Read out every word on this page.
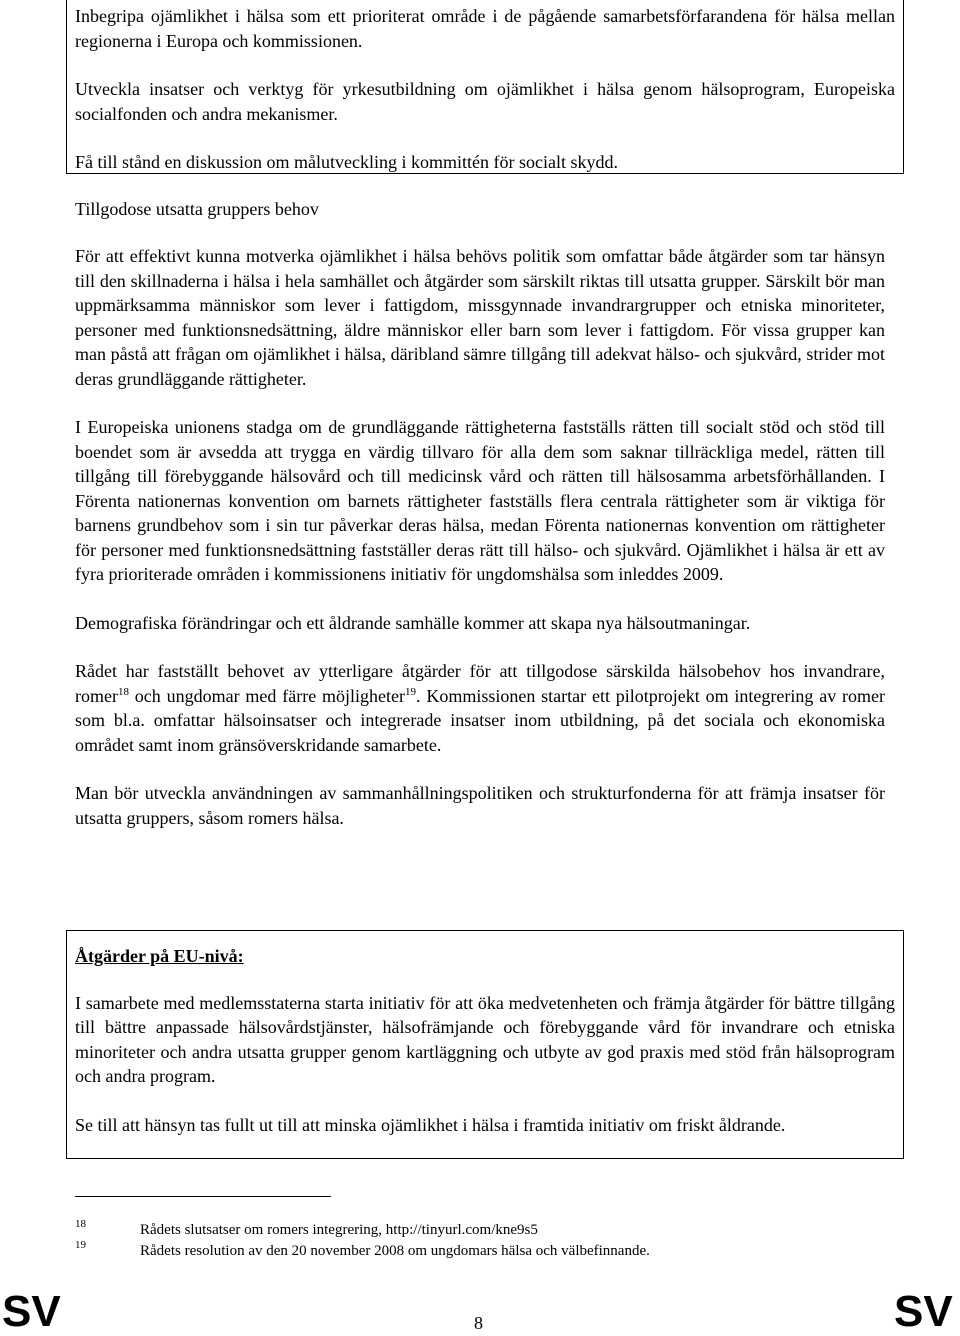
Inbegripa ojämlikhet i hälsa som ett prioriterat område i de pågående samarbetsförfarandena för hälsa mellan regionerna i Europa och kommissionen.

Utveckla insatser och verktyg för yrkesutbildning om ojämlikhet i hälsa genom hälsoprogram, Europeiska socialfonden och andra mekanismer.

Få till stånd en diskussion om målutveckling i kommittén för socialt skydd.

Tillgodose utsatta gruppers behov

För att effektivt kunna motverka ojämlikhet i hälsa behövs politik som omfattar både åtgärder som tar hänsyn till den skillnaderna i hälsa i hela samhället och åtgärder som särskilt riktas till utsatta grupper. Särskilt bör man uppmärksamma människor som lever i fattigdom, missgynnade invandrargrupper och etniska minoriteter, personer med funktionsnedsättning, äldre människor eller barn som lever i fattigdom. För vissa grupper kan man påstå att frågan om ojämlikhet i hälsa, däribland sämre tillgång till adekvat hälso- och sjukvård, strider mot deras grundläggande rättigheter.

I Europeiska unionens stadga om de grundläggande rättigheterna fastställs rätten till socialt stöd och stöd till boendet som är avsedda att trygga en värdig tillvaro för alla dem som saknar tillräckliga medel, rätten till tillgång till förebyggande hälsovård och till medicinsk vård och rätten till hälsosamma arbetsförhållanden. I Förenta nationernas konvention om barnets rättigheter fastställs flera centrala rättigheter som är viktiga för barnens grundbehov som i sin tur påverkar deras hälsa, medan Förenta nationernas konvention om rättigheter för personer med funktionsnedsättning fastställer deras rätt till hälso- och sjukvård. Ojämlikhet i hälsa är ett av fyra prioriterade områden i kommissionens initiativ för ungdomshälsa som inleddes 2009.

Demografiska förändringar och ett åldrande samhälle kommer att skapa nya hälsoutmaningar.

Rådet har fastställt behovet av ytterligare åtgärder för att tillgodose särskilda hälsobehov hos invandrare, romer$^{18}$ och ungdomar med färre möjligheter$^{19}$. Kommissionen startar ett pilotprojekt om integrering av romer som bl.a. omfattar hälsoinsatser och integrerade insatser inom utbildning, på det sociala och ekonomiska området samt inom gränsöverskridande samarbete.

Man bör utveckla användningen av sammanhållningspolitiken och strukturfonderna för att främja insatser för utsatta gruppers, såsom romers hälsa.

Åtgärder på EU-nivå:

I samarbete med medlemsstaterna starta initiativ för att öka medvetenheten och främja åtgärder för bättre tillgång till bättre anpassade hälsovårdstjänster, hälsofrämjande och förebyggande vård för invandrare och etniska minoriteter och andra utsatta grupper genom kartläggning och utbyte av god praxis med stöd från hälsoprogram och andra program.

Se till att hänsyn tas fullt ut till att minska ojämlikhet i hälsa i framtida initiativ om friskt åldrande.

18	Rådets slutsatser om romers integrering, http://tinyurl.com/kne9s5
19	Rådets resolution av den 20 november 2008 om ungdomars hälsa och välbefinnande.
SV	8	SV
